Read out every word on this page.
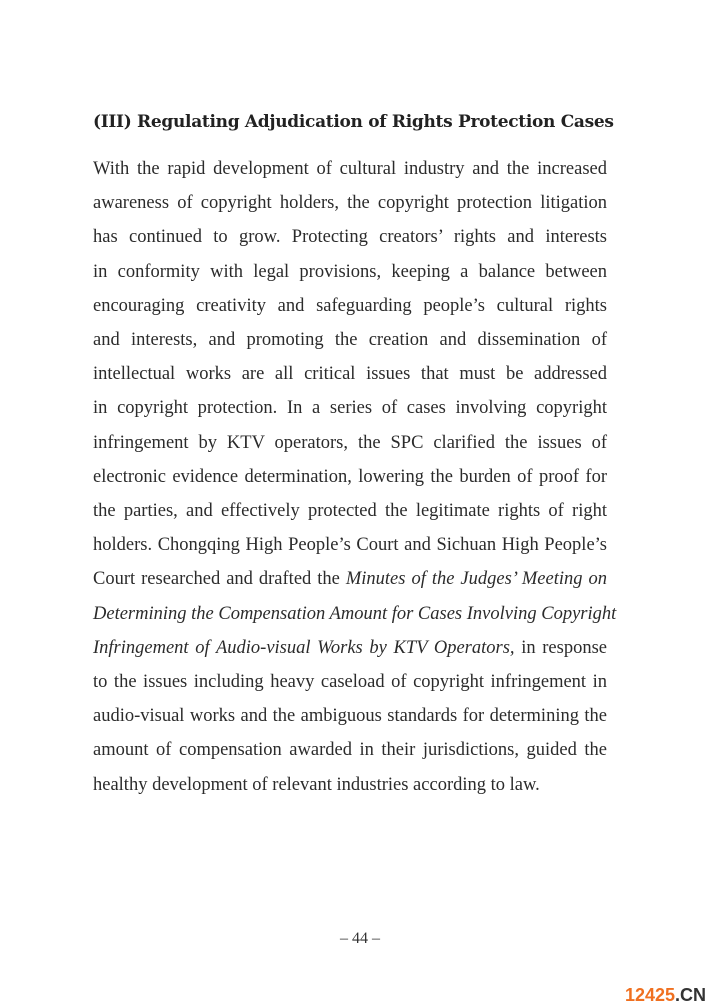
(III) Regulating Adjudication of Rights Protection Cases
With the rapid development of cultural industry and the increased
awareness of copyright holders, the copyright protection litigation
has continued to grow. Protecting creators’ rights and interests
in conformity with legal provisions, keeping a balance between
encouraging creativity and safeguarding people’s cultural rights
and interests, and promoting the creation and dissemination of
intellectual works are all critical issues that must be addressed
in copyright protection. In a series of cases involving copyright
infringement by KTV operators, the SPC clarified the issues of
electronic evidence determination, lowering the burden of proof for
the parties, and effectively protected the legitimate rights of right
holders. Chongqing High People’s Court and Sichuan High People’s
Court researched and drafted the Minutes of the Judges’ Meeting on
Determining the Compensation Amount for Cases Involving Copyright
Infringement of Audio-visual Works by KTV Operators, in response
to the issues including heavy caseload of copyright infringement in
audio-visual works and the ambiguous standards for determining the
amount of compensation awarded in their jurisdictions, guided the
healthy development of relevant industries according to law.
– 44 –
12425.CN
